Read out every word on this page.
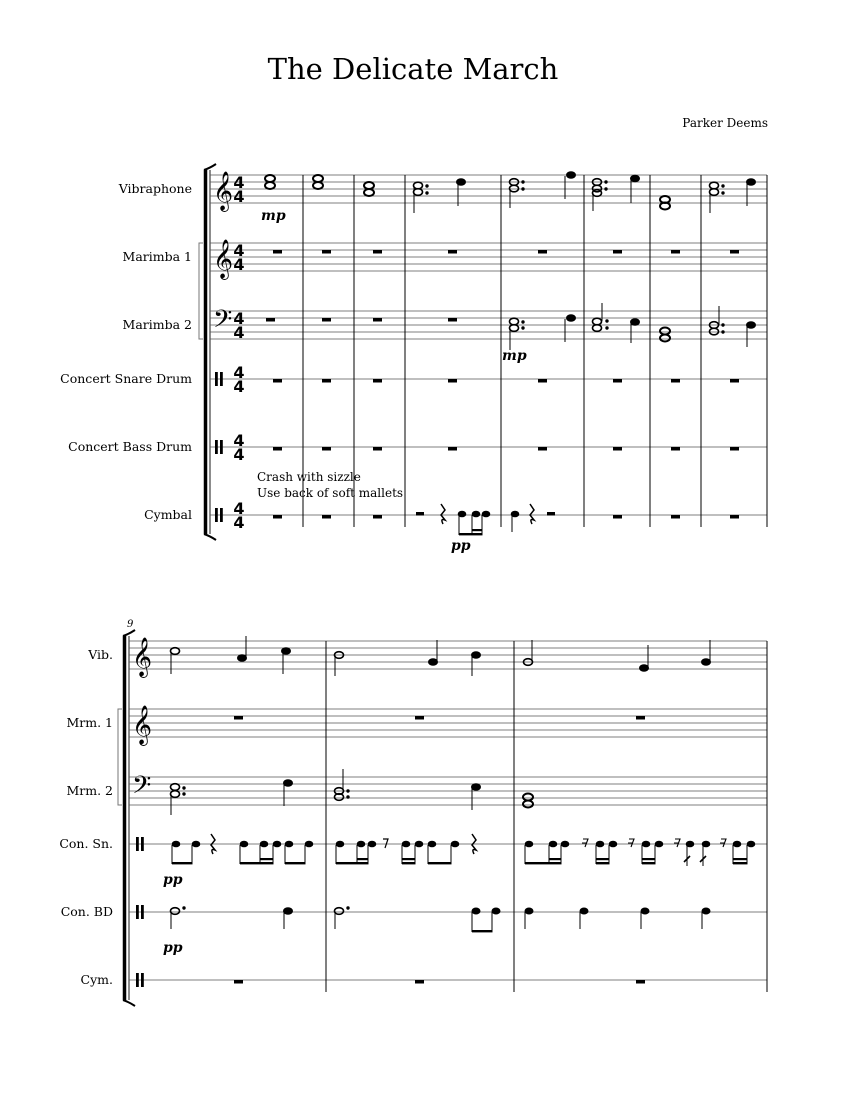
The Delicate March
Parker Deems
Vibraphone
Marimba 1
Marimba 2
Concert Snare Drum
Concert Bass Drum
Cymbal
𝄞
𝄞
𝄢
4
4
4
4
4
4
4
4
4
4
4
4
mp
mp
Crash with sizzle
Use back of soft mallets
pp
9
Vib.
Mrm. 1
Mrm. 2
Con. Sn.
Con. BD
Cym.
𝄞
𝄞
𝄢
pp
pp
